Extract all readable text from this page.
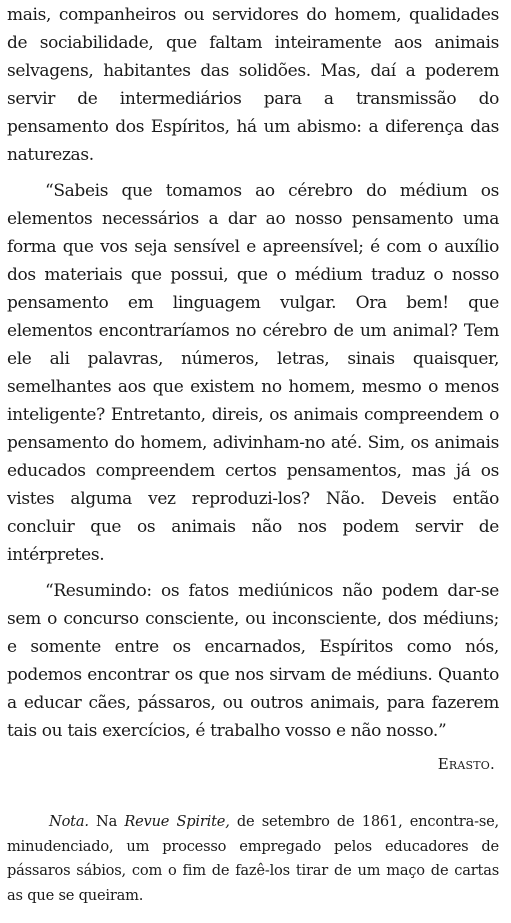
mais, companheiros ou servidores do homem, qualidades de sociabilidade, que faltam inteiramente aos animais selvagens, habitantes das solidões. Mas, daí a poderem servir de intermediários para a transmissão do pensamento dos Espíritos, há um abismo: a diferença das naturezas.

“Sabeis que tomamos ao cérebro do médium os elementos necessários a dar ao nosso pensamento uma forma que vos seja sensível e apreensível; é com o auxílio dos materiais que possui, que o médium traduz o nosso pensamento em linguagem vulgar. Ora bem! que elementos encontraríamos no cérebro de um animal? Tem ele ali palavras, números, letras, sinais quaisquer, semelhantes aos que existem no homem, mesmo o menos inteligente? Entretanto, direis, os animais compreendem o pensamento do homem, adivinham-no até. Sim, os animais educados compreendem certos pensamentos, mas já os vistes alguma vez reproduzi-los? Não. Deveis então concluir que os animais não nos podem servir de intérpretes.

“Resumindo: os fatos mediúnicos não podem dar-se sem o concurso consciente, ou inconsciente, dos médiuns; e somente entre os encarnados, Espíritos como nós, podemos encontrar os que nos sirvam de médiuns. Quanto a educar cães, pássaros, ou outros animais, para fazerem tais ou tais exercícios, é trabalho vosso e não nosso.”

Erasto.

Nota. Na Revue Spirite, de setembro de 1861, encontra-se, minudenciado, um processo empregado pelos educadores de pássaros sábios, com o fim de fazê-los tirar de um maço de cartas as que se queiram.
